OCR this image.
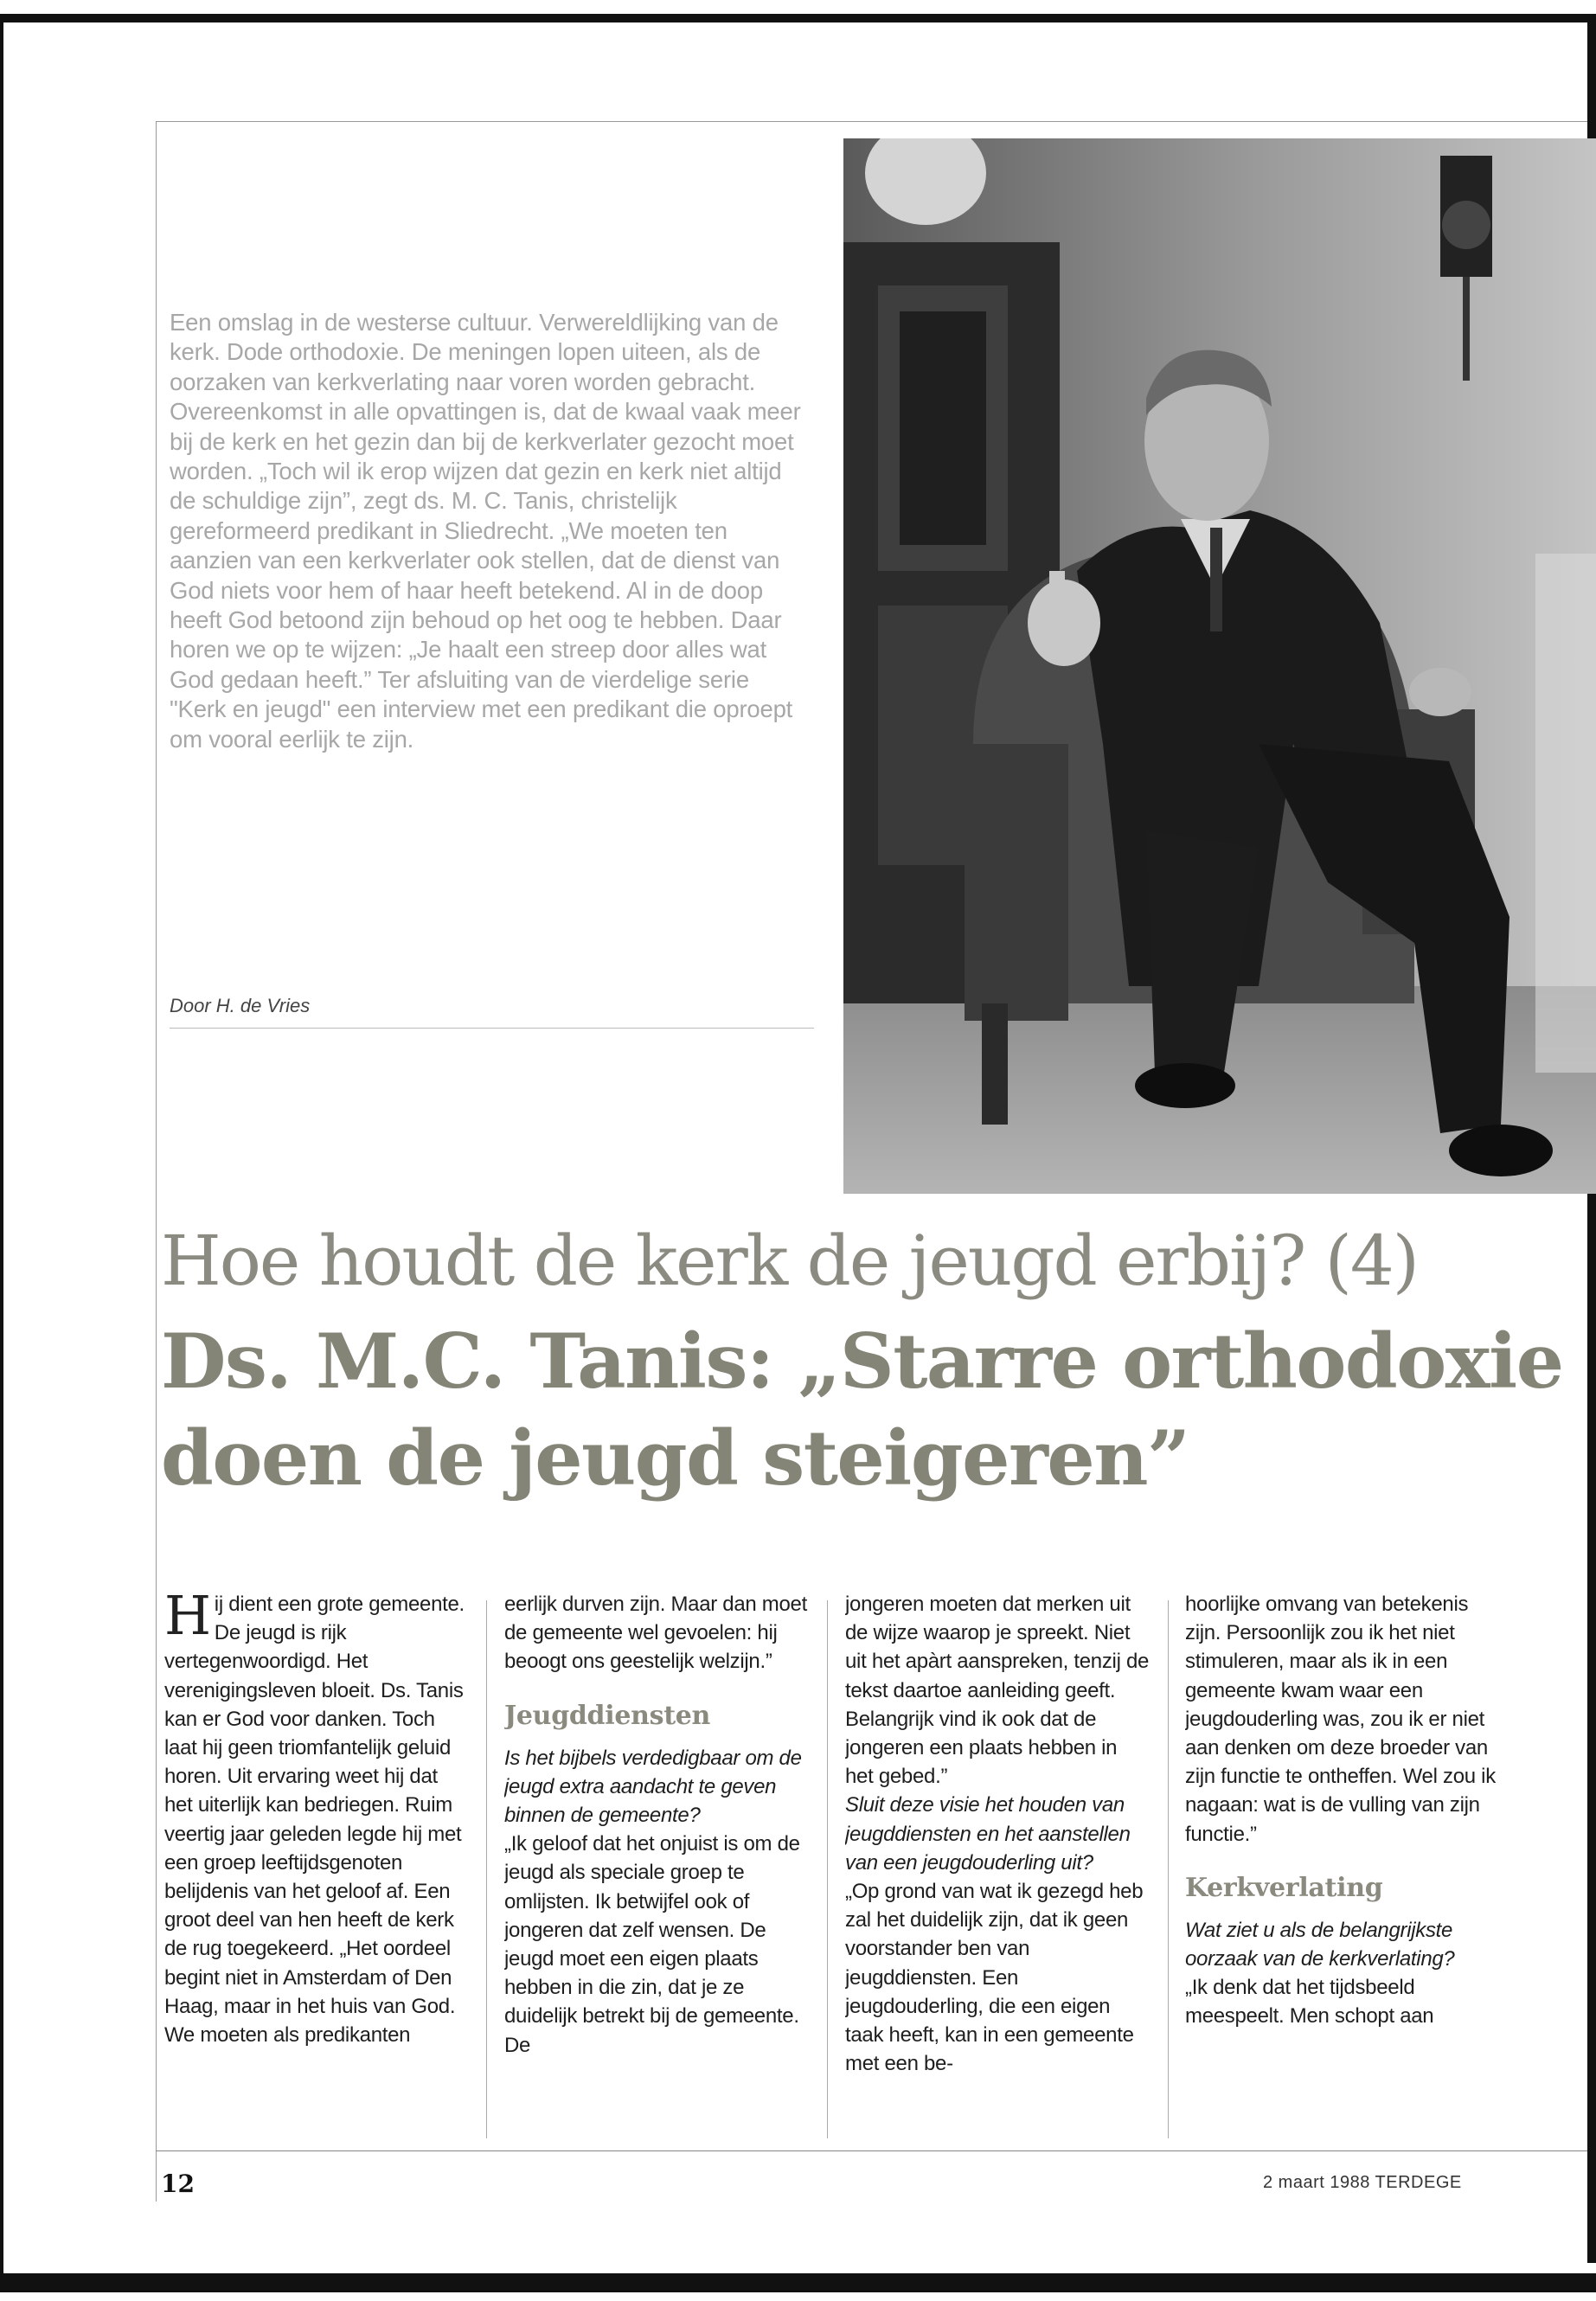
Een omslag in de westerse cultuur. Verwereldlijking van de kerk. Dode orthodoxie. De meningen lopen uiteen, als de oorzaken van kerkverlating naar voren worden gebracht. Overeenkomst in alle opvattingen is, dat de kwaal vaak meer bij de kerk en het gezin dan bij de kerkverlater gezocht moet worden. „Toch wil ik erop wijzen dat gezin en kerk niet altijd de schuldige zijn”, zegt ds. M. C. Tanis, christelijk gereformeerd predikant in Sliedrecht. „We moeten ten aanzien van een kerkverlater ook stellen, dat de dienst van God niets voor hem of haar heeft betekend. Al in de doop heeft God betoond zijn behoud op het oog te hebben. Daar horen we op te wijzen: „Je haalt een streep door alles wat God gedaan heeft.” Ter afsluiting van de vierdelige serie "Kerk en jeugd" een interview met een predikant die oproept om vooral eerlijk te zijn.

Door H. de Vries
Hoe houdt de kerk de jeugd erbij? (4)
Ds. M.C. Tanis: „Starre orthodoxie doen de jeugd steigeren”
H ij dient een grote gemeente. De jeugd is rijk vertegenwoordigd. Het verenigingsleven bloeit. Ds. Tanis kan er God voor danken. Toch laat hij geen triomfantelijk geluid horen. Uit ervaring weet hij dat het uiterlijk kan bedriegen. Ruim veertig jaar geleden legde hij met een groep leeftijdsgenoten belijdenis van het geloof af. Een groot deel van hen heeft de kerk de rug toegekeerd. „Het oordeel begint niet in Amsterdam of Den Haag, maar in het huis van God. We moeten als predikanten

eerlijk durven zijn. Maar dan moet de gemeente wel gevoelen: hij beoogt ons geestelijk welzijn.”

Jeugddiensten

Is het bijbels verdedigbaar om de jeugd extra aandacht te geven binnen de gemeente?

„Ik geloof dat het onjuist is om de jeugd als speciale groep te omlijsten. Ik betwijfel ook of jongeren dat zelf wensen. De jeugd moet een eigen plaats hebben in die zin, dat je ze duidelijk betrekt bij de gemeente. De

jongeren moeten dat merken uit de wijze waarop je spreekt. Niet uit het apàrt aanspreken, tenzij de tekst daartoe aanleiding geeft. Belangrijk vind ik ook dat de jongeren een plaats hebben in het gebed.”

Sluit deze visie het houden van jeugddiensten en het aanstellen van een jeugdouderling uit?

„Op grond van wat ik gezegd heb zal het duidelijk zijn, dat ik geen voorstander ben van jeugddiensten. Een jeugdouderling, die een eigen taak heeft, kan in een gemeente met een be-

hoorlijke omvang van betekenis zijn. Persoonlijk zou ik het niet stimuleren, maar als ik in een gemeente kwam waar een jeugdouderling was, zou ik er niet aan denken om deze broeder van zijn functie te ontheffen. Wel zou ik nagaan: wat is de vulling van zijn functie.”

Kerkverlating

Wat ziet u als de belangrijkste oorzaak van de kerkverlating?

„Ik denk dat het tijdsbeeld meespeelt. Men schopt aan

12	2 maart 1988 TERDEGE
